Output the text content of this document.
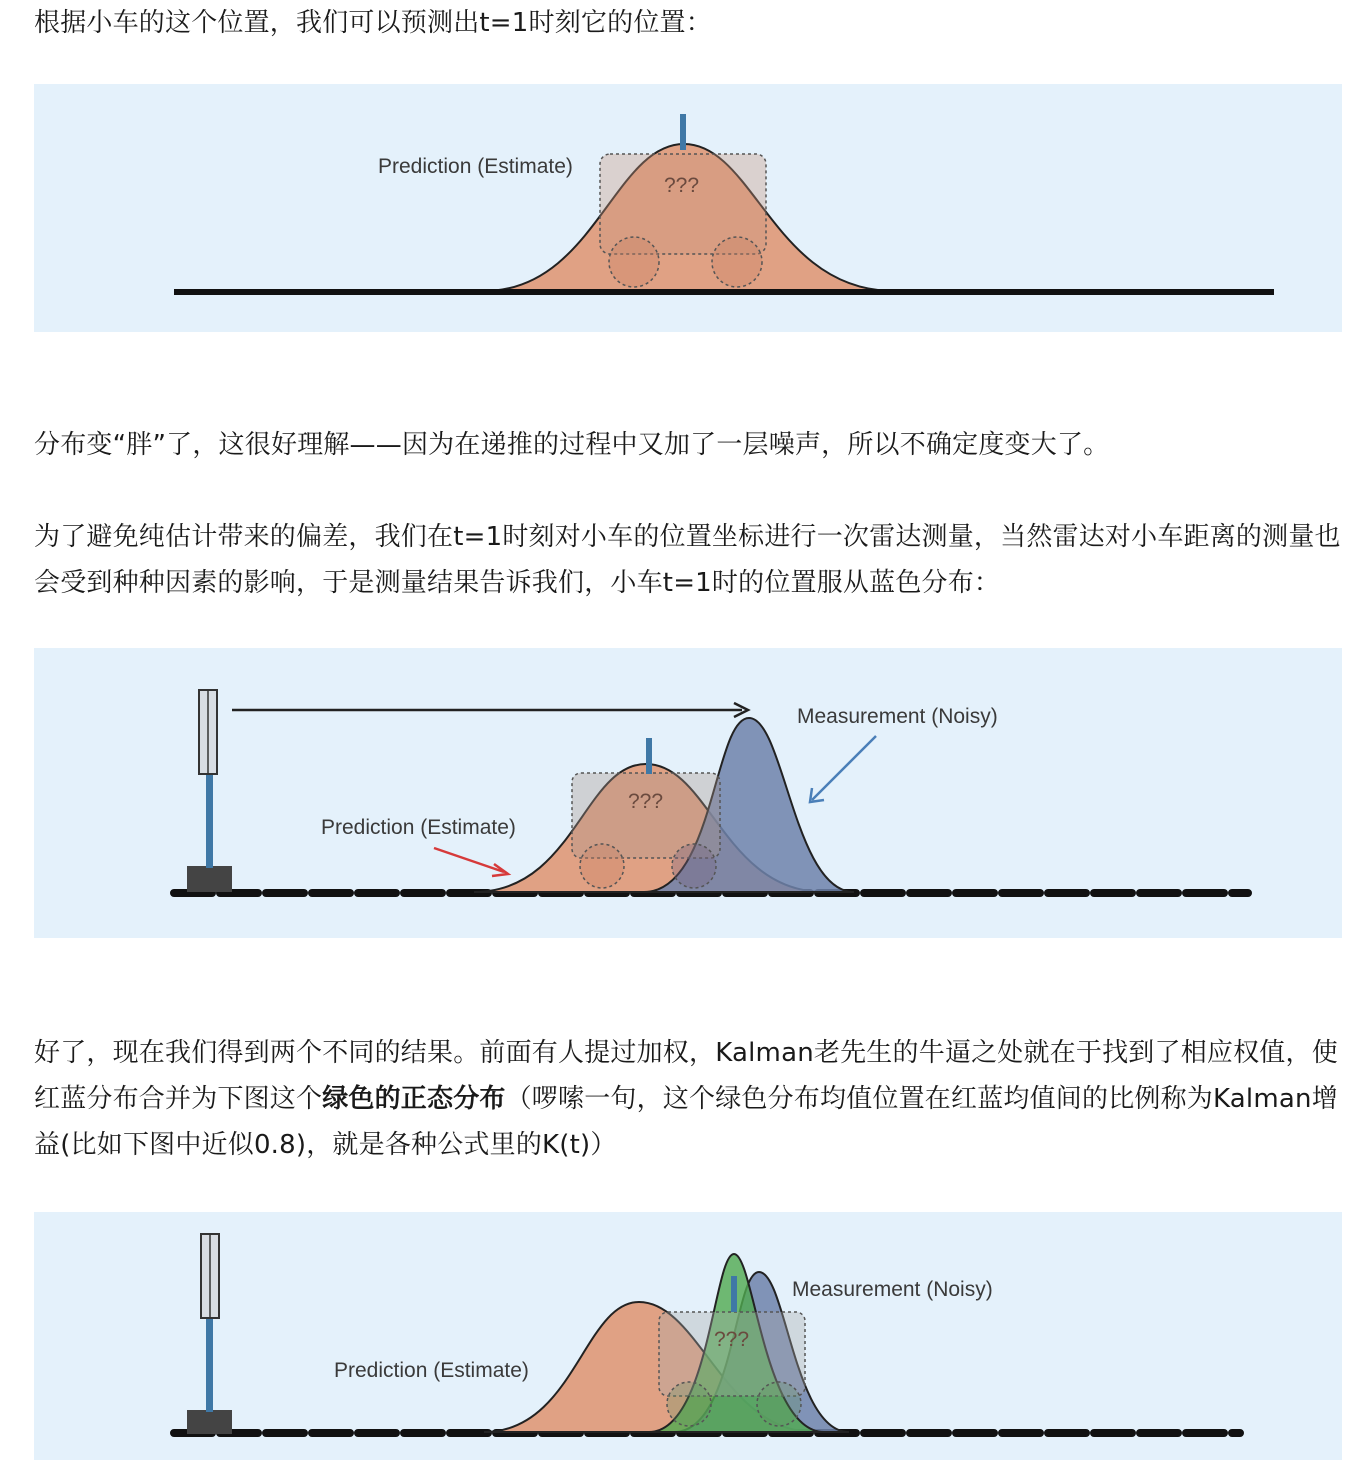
根据小车的这个位置，我们可以预测出t=1时刻它的位置：

???
Prediction (Estimate)

分布变“胖”了，这很好理解——因为在递推的过程中又加了一层噪声，所以不确定度变大了。

为了避免纯估计带来的偏差，我们在t=1时刻对小车的位置坐标进行一次雷达测量，当然雷达对小车距离的测量也会受到种种因素的影响，于是测量结果告诉我们，小车t=1时的位置服从蓝色分布：

???
Prediction (Estimate)
Measurement (Noisy)

好了，现在我们得到两个不同的结果。前面有人提过加权，Kalman老先生的牛逼之处就在于找到了相应权值，使红蓝分布合并为下图这个绿色的正态分布（啰嗦一句，这个绿色分布均值位置在红蓝均值间的比例称为Kalman增益(比如下图中近似0.8)，就是各种公式里的K(t)）

???
Prediction (Estimate)
Measurement (Noisy)
